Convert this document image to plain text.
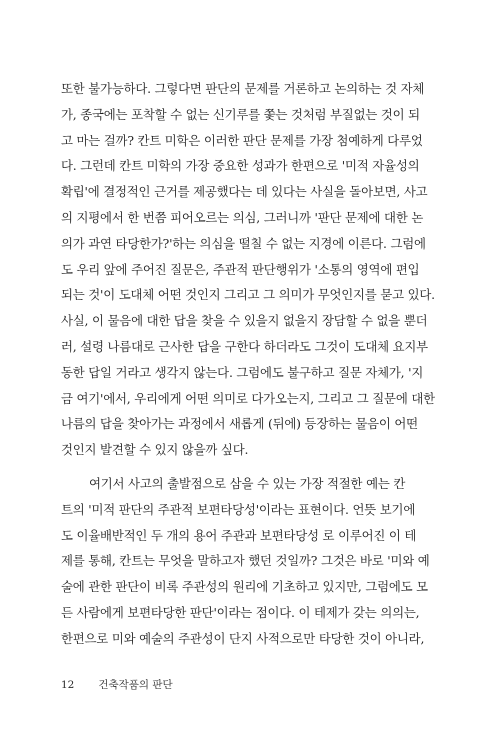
또한 불가능하다. 그렇다면 판단의 문제를 거론하고 논의하는 것 자체
가, 종국에는 포착할 수 없는 신기루를 쫓는 것처럼 부질없는 것이 되
고 마는 걸까? 칸트 미학은 이러한 판단 문제를 가장 첨예하게 다루었
다. 그런데 칸트 미학의 가장 중요한 성과가 한편으로 '미적 자율성의
확립'에 결정적인 근거를 제공했다는 데 있다는 사실을 돌아보면, 사고
의 지평에서 한 번쯤 피어오르는 의심, 그러니까 '판단 문제에 대한 논
의가 과연 타당한가?'하는 의심을 떨칠 수 없는 지경에 이른다. 그럼에
도 우리 앞에 주어진 질문은, 주관적 판단행위가 '소통의 영역에 편입
되는 것'이 도대체 어떤 것인지 그리고 그 의미가 무엇인지를 묻고 있다.
사실, 이 물음에 대한 답을 찾을 수 있을지 없을지 장담할 수 없을 뿐더
러, 설령 나름대로 근사한 답을 구한다 하더라도 그것이 도대체 요지부
동한 답일 거라고 생각지 않는다. 그럼에도 불구하고 질문 자체가, '지
금 여기'에서, 우리에게 어떤 의미로 다가오는지, 그리고 그 질문에 대한
나름의 답을 찾아가는 과정에서 새롭게 (뒤에) 등장하는 물음이 어떤
것인지 발견할 수 있지 않을까 싶다.
여기서 사고의 출발점으로 삼을 수 있는 가장 적절한 예는 칸
트의 '미적 판단의 주관적 보편타당성'이라는 표현이다. 언뜻 보기에
도 이율배반적인 두 개의 용어 주관과 보편타당성 로 이루어진 이 테
제를 통해, 칸트는 무엇을 말하고자 했던 것일까? 그것은 바로 '미와 예
술에 관한 판단이 비록 주관성의 원리에 기초하고 있지만, 그럼에도 모
든 사람에게 보편타당한 판단'이라는 점이다. 이 테제가 갖는 의의는,
한편으로 미와 예술의 주관성이 단지 사적으로만 타당한 것이 아니라,
12 건축작품의 판단
